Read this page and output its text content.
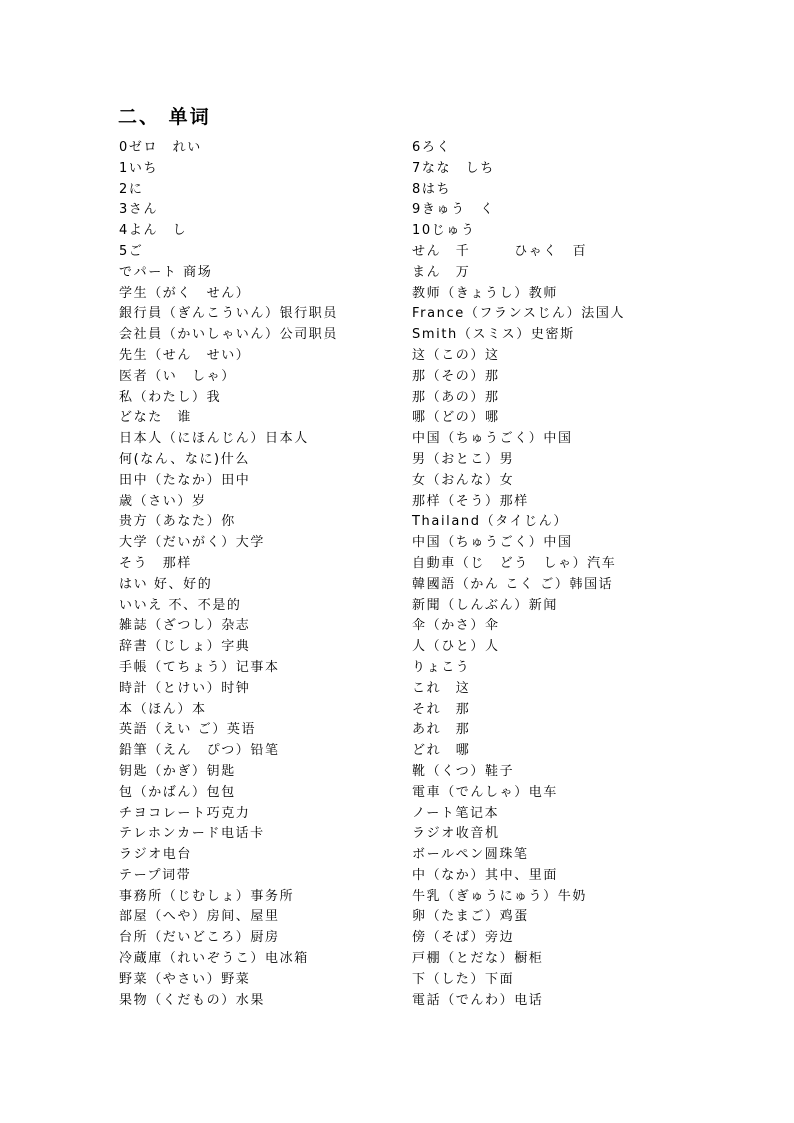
二、 单词
0ゼロ　れい
1いち
2に
3さん
4よん　し
5ご
でパート 商场
学生（がく　せん）
銀行員（ぎんこういん）银行职员
会社員（かいしゃいん）公司职员
先生（せん　せい）
医者（い　しゃ）
私（わたし）我
どなた　谁
日本人（にほんじん）日本人
何(なん、なに)什么
田中（たなか）田中
歳（さい）岁
贵方（あなた）你
大学（だいがく）大学
そう　那样
はい 好、好的
いいえ 不、不是的
雑誌（ざつし）杂志
辞書（じしょ）字典
手帳（てちょう）记事本
時計（とけい）时钟
本（ほん）本
英語（えい ご）英语
鉛筆（えん　ぴつ）铅笔
钥匙（かぎ）钥匙
包（かばん）包包
チヨコレート巧克力
テレホンカード电话卡
ラジオ电台
テープ词带
事務所（じむしょ）事务所
部屋（へや）房间、屋里
台所（だいどころ）厨房
冷蔵庫（れいぞうこ）电冰箱
野菜（やさい）野菜
果物（くだもの）水果
6ろく
7なな　しち
8はち
9きゅう　く
10じゅう
せん　千　　　ひゃく　百
まん　万
教师（きょうし）教师
France（フランスじん）法国人
Smith（スミス）史密斯
这（この）这
那（その）那
那（あの）那
哪（どの）哪
中国（ちゅうごく）中国
男（おとこ）男
女（おんな）女
那样（そう）那样
Thailand（タイじん）
中国（ちゅうごく）中国
自動車（じ　どう　しゃ）汽车
韓國語（かん こく ご）韩国话
新聞（しんぶん）新闻
伞（かさ）伞
人（ひと）人
りょこう
これ　这
それ　那
あれ　那
どれ　哪
靴（くつ）鞋子
電車（でんしゃ）电车
ノート笔记本
ラジオ收音机
ボールペン圆珠笔
中（なか）其中、里面
牛乳（ぎゅうにゅう）牛奶
卵（たまご）鸡蛋
傍（そば）旁边
戸棚（とだな）橱柜
下（した）下面
電話（でんわ）电话
